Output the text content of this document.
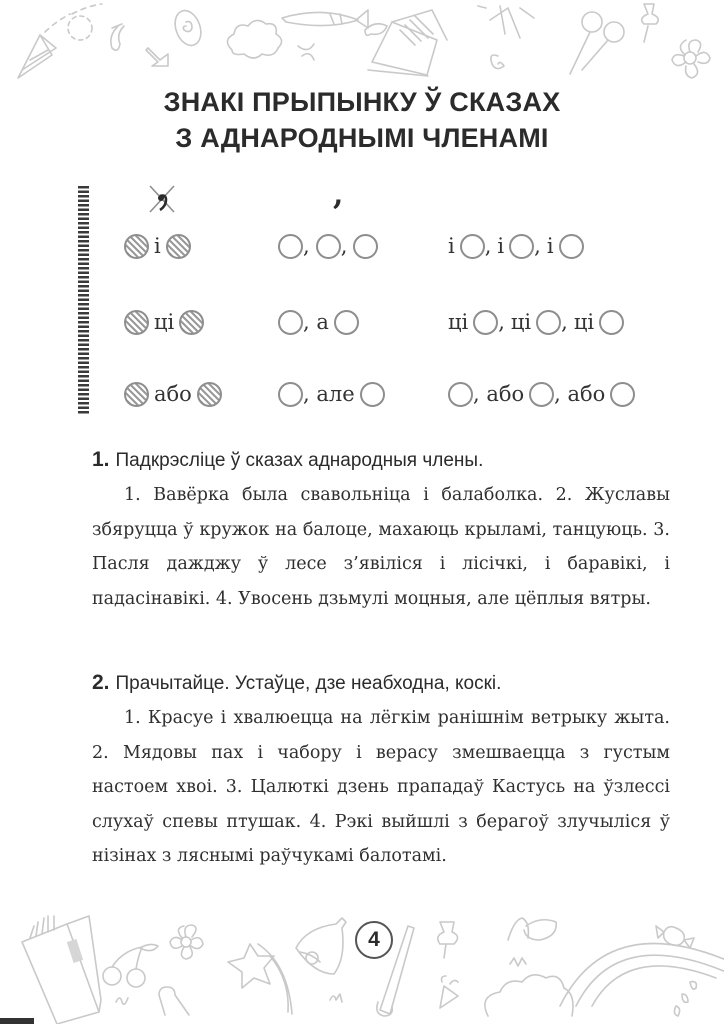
ЗНАКІ ПРЫПЫНКУ Ў СКАЗАХ
З АДНАРОДНЫМІ ЧЛЕНАМІ
,
і	, ,	і , і , і
ці	, а	ці , ці , ці
або	, але	, або , або
1. Падкрэсліце ў сказах аднародныя члены.
1. Вавёрка была свавольніца і балаболка. 2. Жуславы збяруцца ў кружок на балоце, махаюць крыламі, танцуюць. 3. Пасля дажджу ў лесе з’явіліся і лісічкі, і баравікі, і падасінавікі. 4. Увосень дзьмулі моцныя, але цёплыя вятры.
2. Прачытайце. Устаўце, дзе неабходна, коскі.
1. Красуе і хвалюецца на лёгкім ранішнім ветрыку жыта. 2. Мядовы пах і чабору і верасу змешваецца з густым настоем хвоі. 3. Цалюткі дзень прападаў Кастусь на ўзлессі слухаў спевы птушак. 4. Рэкі выйшлі з берагоў злучыліся ў нізінах з ляснымі раўчукамі балотамі.
4
